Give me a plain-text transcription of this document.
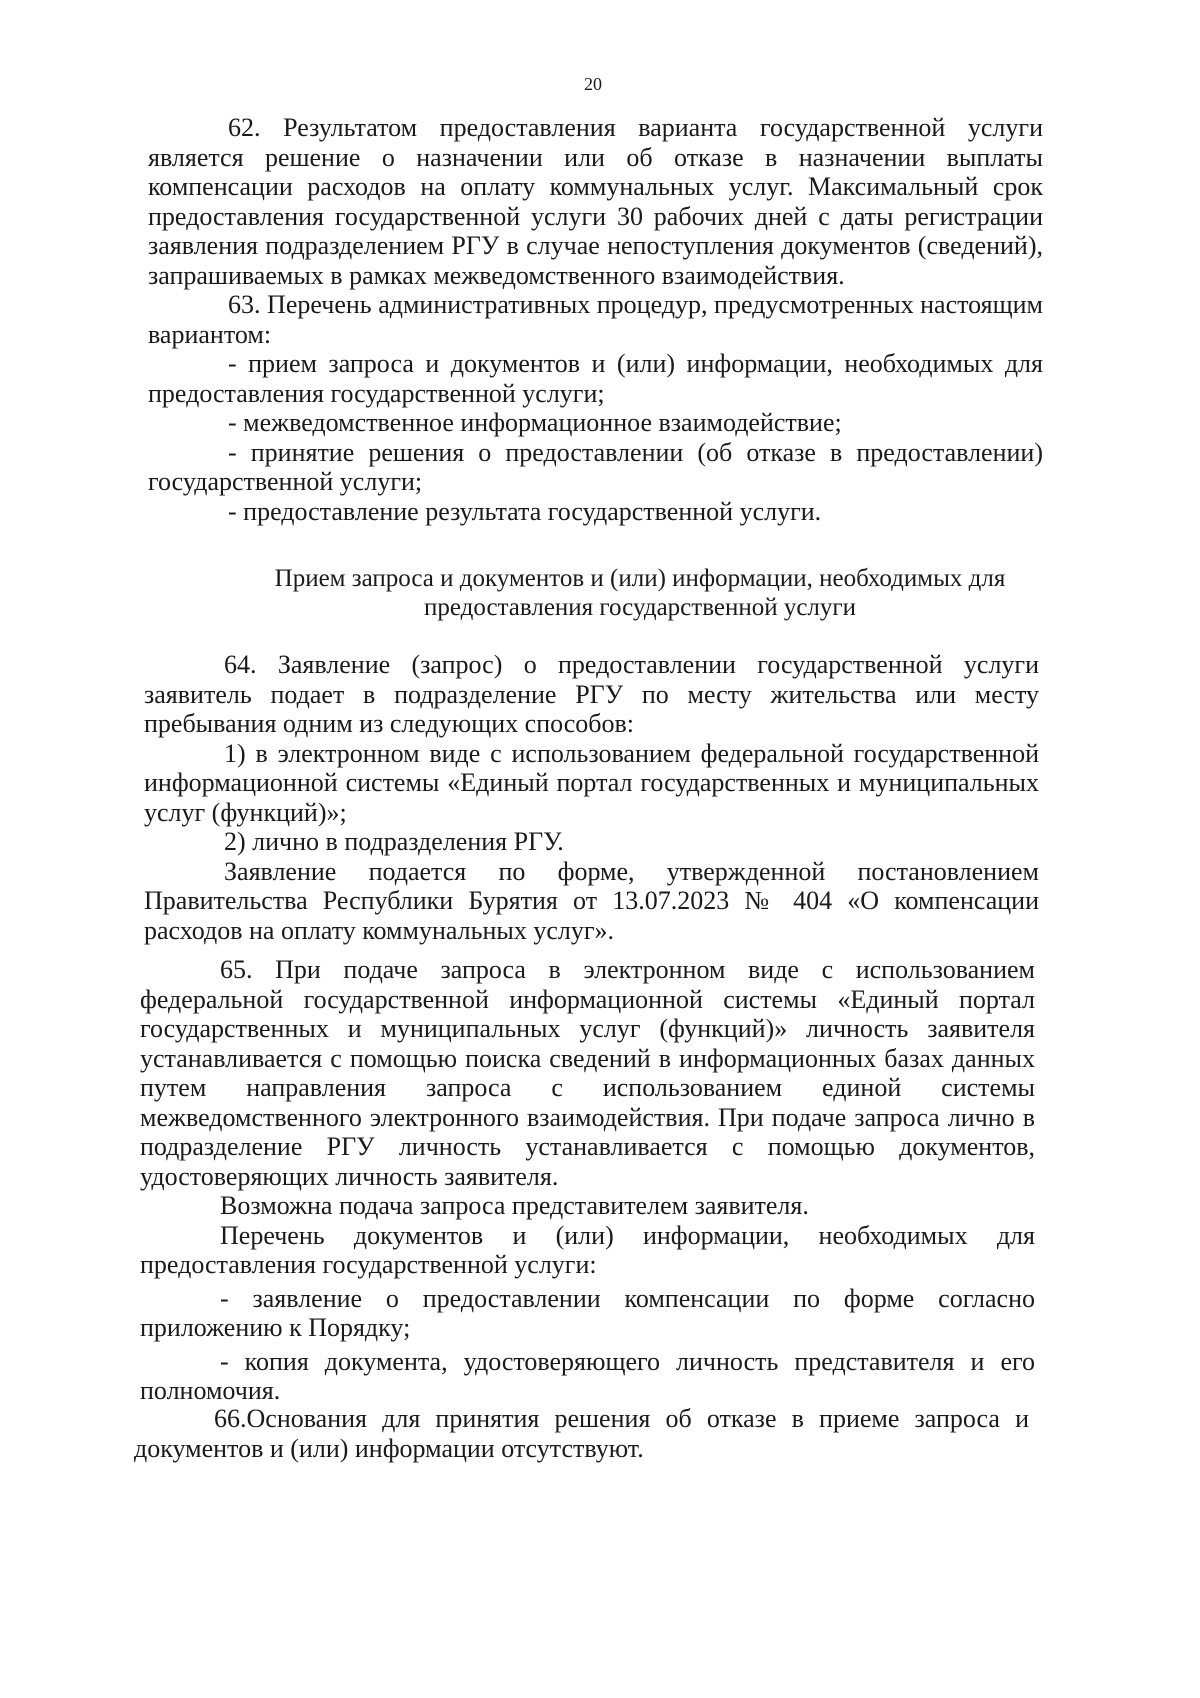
20

62. Результатом предоставления варианта государственной услуги является решение о назначении или об отказе в назначении выплаты компенсации расходов на оплату коммунальных услуг. Максимальный срок предоставления государственной услуги 30 рабочих дней с даты регистрации заявления подразделением РГУ в случае непоступления документов (сведений), запрашиваемых в рамках межведомственного взаимодействия.

63. Перечень административных процедур, предусмотренных настоящим вариантом:

- прием запроса и документов и (или) информации, необходимых для предоставления государственной услуги;

- межведомственное информационное взаимодействие;

- принятие решения о предоставлении (об отказе в предоставлении) государственной услуги;

- предоставление результата государственной услуги.

Прием запроса и документов и (или) информации, необходимых для предоставления государственной услуги

64. Заявление (запрос) о предоставлении государственной услуги заявитель подает в подразделение РГУ по месту жительства или месту пребывания одним из следующих способов:

1) в электронном виде с использованием федеральной государственной информационной системы «Единый портал государственных и муниципальных услуг (функций)»;

2) лично в подразделения РГУ.

Заявление подается по форме, утвержденной постановлением Правительства Республики Бурятия от 13.07.2023 № 404 «О компенсации расходов на оплату коммунальных услуг».

65. При подаче запроса в электронном виде с использованием федеральной государственной информационной системы «Единый портал государственных и муниципальных услуг (функций)» личность заявителя устанавливается с помощью поиска сведений в информационных базах данных путем направления запроса с использованием единой системы межведомственного электронного взаимодействия. При подаче запроса лично в подразделение РГУ личность устанавливается с помощью документов, удостоверяющих личность заявителя.

Возможна подача запроса представителем заявителя.

Перечень документов и (или) информации, необходимых для предоставления государственной услуги:

- заявление о предоставлении компенсации по форме согласно приложению к Порядку;

- копия документа, удостоверяющего личность представителя и его полномочия.

66.Основания для принятия решения об отказе в приеме запроса и документов и (или) информации отсутствуют.
